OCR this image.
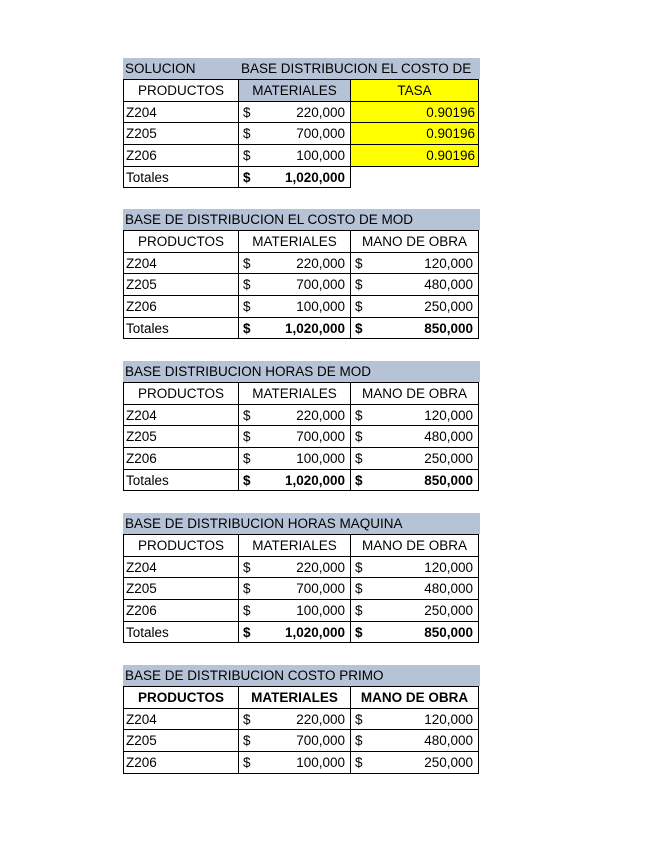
SOLUCION	BASE DISTRIBUCION EL COSTO DE
PRODUCTOS	MATERIALES	TASA
Z204	$	220,000	0.90196
Z205	$	700,000	0.90196
Z206	$	100,000	0.90196
Totales	$	1,020,000
BASE DE DISTRIBUCION EL COSTO DE MOD
PRODUCTOS	MATERIALES	MANO DE OBRA
Z204	$	220,000 $	120,000
Z205	$	700,000 $	480,000
Z206	$	100,000 $	250,000
Totales	$	1,020,000 $	850,000
BASE DISTRIBUCION HORAS DE MOD
PRODUCTOS	MATERIALES	MANO DE OBRA
Z204	$	220,000 $	120,000
Z205	$	700,000 $	480,000
Z206	$	100,000 $	250,000
Totales	$	1,020,000 $	850,000
BASE DE DISTRIBUCION HORAS MAQUINA
PRODUCTOS	MATERIALES	MANO DE OBRA
Z204	$	220,000 $	120,000
Z205	$	700,000 $	480,000
Z206	$	100,000 $	250,000
Totales	$	1,020,000 $	850,000
BASE DE DISTRIBUCION COSTO PRIMO
PRODUCTOS	MATERIALES	MANO DE OBRA
Z204	$	220,000 $	120,000
Z205	$	700,000 $	480,000
Z206	$	100,000 $	250,000
